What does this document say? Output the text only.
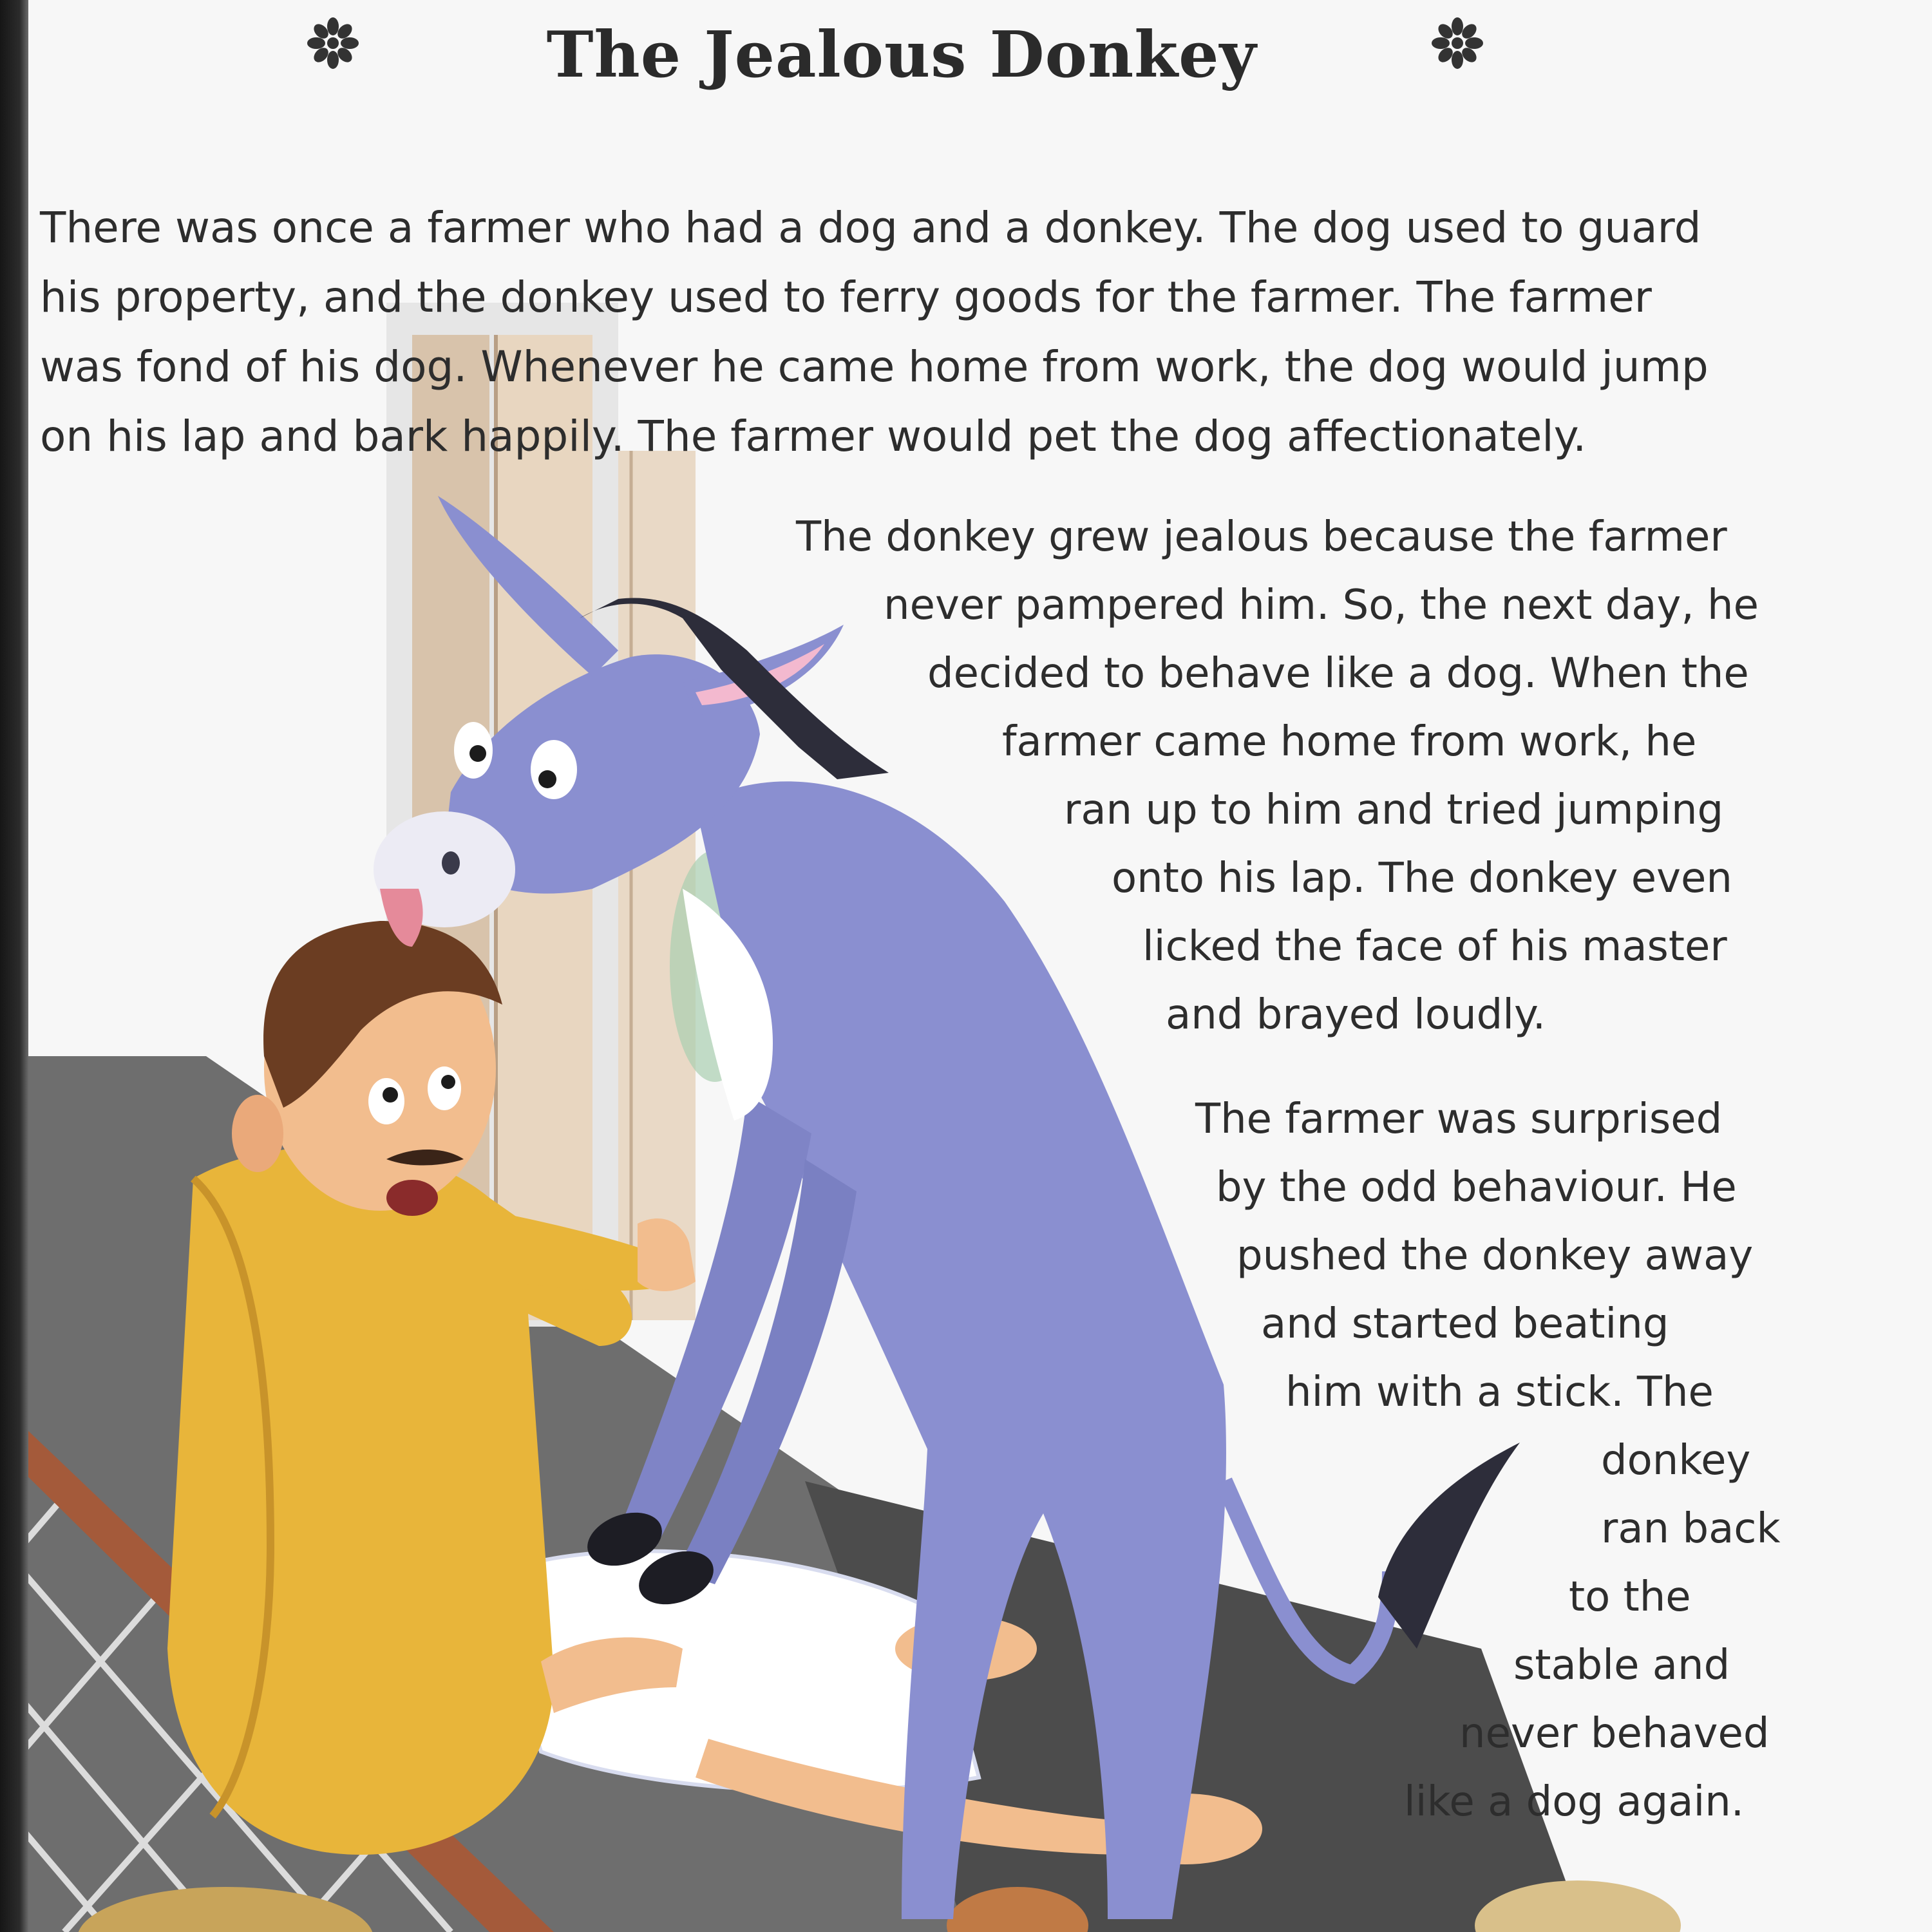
The Jealous Donkey
There was once a farmer who had a dog and a donkey. The dog used to guard
his property, and the donkey used to ferry goods for the farmer. The farmer
was fond of his dog. Whenever he came home from work, the dog would jump
on his lap and bark happily. The farmer would pet the dog affectionately.
The donkey grew jealous because the farmer
never pampered him. So, the next day, he
decided to behave like a dog. When the
farmer came home from work, he
ran up to him and tried jumping
onto his lap. The donkey even
licked the face of his master
and brayed loudly.
The farmer was surprised
by the odd behaviour. He
pushed the donkey away
and started beating
him with a stick. The
donkey
ran back
to the
stable and
never behaved
like a dog again.
